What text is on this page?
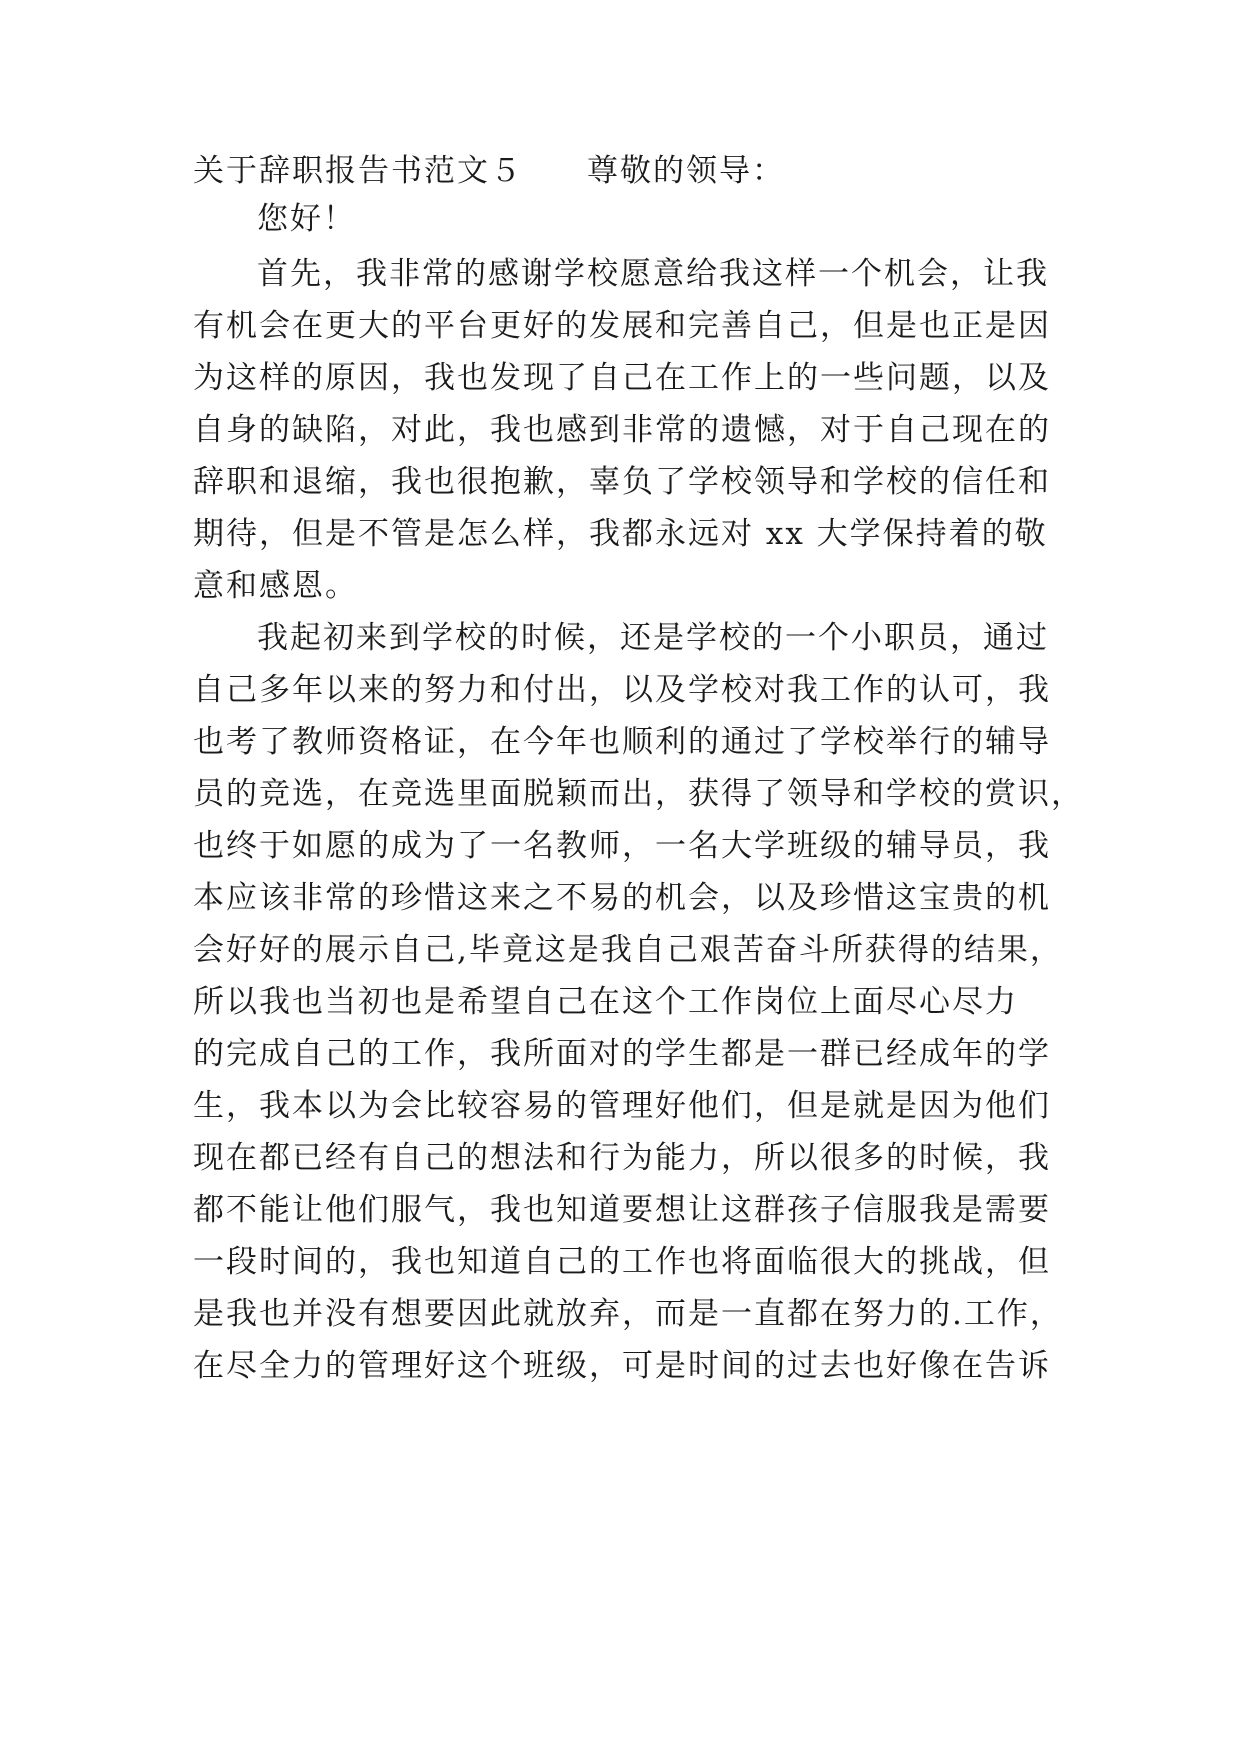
关于辞职报告书范文５ 尊敬的领导：
您好！
首先，我非常的感谢学校愿意给我这样一个机会，让我
有机会在更大的平台更好的发展和完善自己，但是也正是因
为这样的原因，我也发现了自己在工作上的一些问题，以及
自身的缺陷，对此，我也感到非常的遗憾，对于自己现在的
辞职和退缩，我也很抱歉，辜负了学校领导和学校的信任和
期待，但是不管是怎么样，我都永远对 xx 大学保持着的敬
意和感恩。
我起初来到学校的时候，还是学校的一个小职员，通过
自己多年以来的努力和付出，以及学校对我工作的认可，我
也考了教师资格证，在今年也顺利的通过了学校举行的辅导
员的竞选，在竞选里面脱颖而出，获得了领导和学校的赏识，
也终于如愿的成为了一名教师，一名大学班级的辅导员，我
本应该非常的珍惜这来之不易的机会，以及珍惜这宝贵的机
会好好的展示自己,毕竟这是我自己艰苦奋斗所获得的结果，
所以我也当初也是希望自己在这个工作岗位上面尽心尽力
的完成自己的工作，我所面对的学生都是一群已经成年的学
生，我本以为会比较容易的管理好他们，但是就是因为他们
现在都已经有自己的想法和行为能力，所以很多的时候，我
都不能让他们服气，我也知道要想让这群孩子信服我是需要
一段时间的，我也知道自己的工作也将面临很大的挑战，但
是我也并没有想要因此就放弃，而是一直都在努力的.工作，
在尽全力的管理好这个班级，可是时间的过去也好像在告诉
